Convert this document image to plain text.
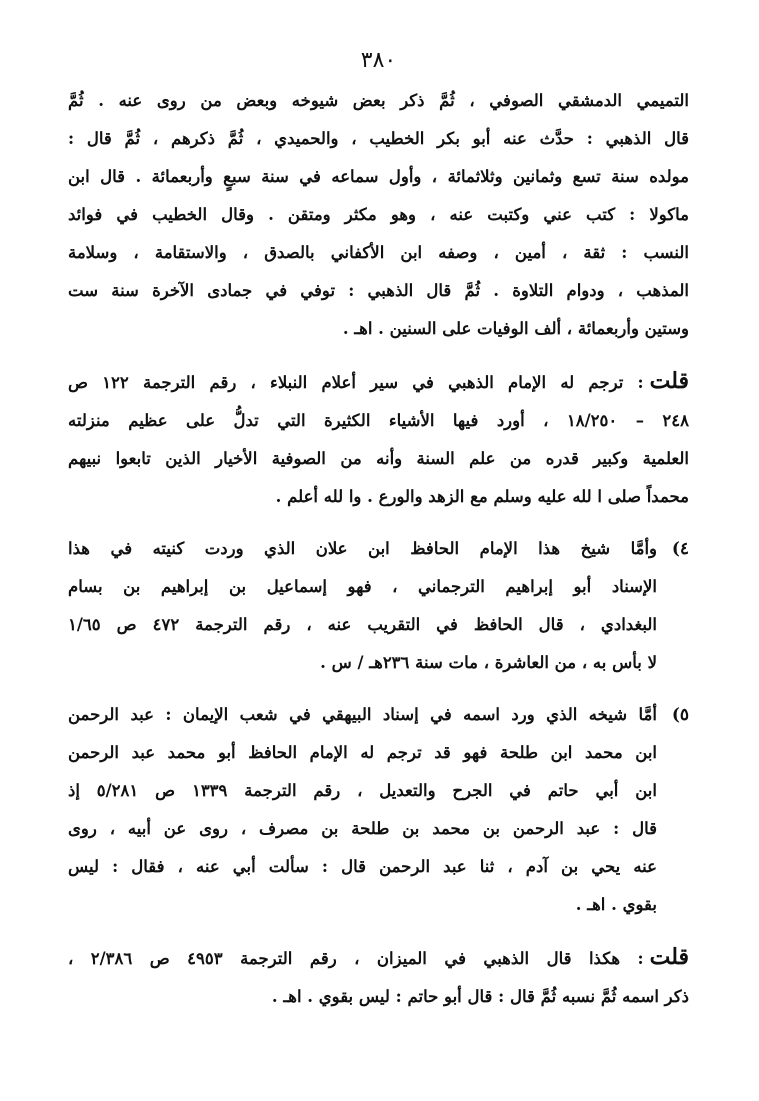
٣٨٠
التميمي الدمشقي الصوفي ، ثُمَّ ذكر بعض شيوخه وبعض من روى عنه . ثُمَّ
قال الذهبي : حدَّث عنه أبو بكر الخطيب ، والحميدي ، ثُمَّ ذكرهم ، ثُمَّ قال :
مولده سنة تسع وثمانين وثلاثمائة ، وأول سماعه في سنة سبعٍ وأربعمائة . قال ابن
ماكولا : كتب عني وكتبت عنه ، وهو مكثر ومتقن . وقال الخطيب في فوائد
النسب : ثقة ، أمين ، وصفه ابن الأكفاني بالصدق ، والاستقامة ، وسلامة
المذهب ، ودوام التلاوة . ثُمَّ قال الذهبي : توفي في جمادى الآخرة سنة ست
وستين وأربعمائة ، ألف الوفيات على السنين . اهـ .
قلت: ترجم له الإمام الذهبي في سير أعلام النبلاء ، رقم الترجمة ١٢٢ ص
٢٤٨ – ١٨/٢٥٠ ، أورد فيها الأشياء الكثيرة التي تدلُّ على عظيم منزلته
العلمية وكبير قدره من علم السنة وأنه من الصوفية الأخيار الذين تابعوا نبيهم
محمداً صلى ا لله عليه وسلم مع الزهد والورع . وا لله أعلم .
٤)
وأمَّا شيخ هذا الإمام الحافظ ابن علان الذي وردت كنيته في هذا
الإسناد أبو إبراهيم الترجماني ، فهو إسماعيل بن إبراهيم بن بسام
البغدادي ، قال الحافظ في التقريب عنه ، رقم الترجمة ٤٧٢ ص ١/٦٥
لا بأس به ، من العاشرة ، مات سنة ٢٣٦هـ / س .
٥)
أمَّا شيخه الذي ورد اسمه في إسناد البيهقي في شعب الإيمان : عبد الرحمن
ابن محمد ابن طلحة فهو قد ترجم له الإمام الحافظ أبو محمد عبد الرحمن
ابن أبي حاتم في الجرح والتعديل ، رقم الترجمة ١٣٣٩ ص ٥/٢٨١ إذ
قال : عبد الرحمن بن محمد بن طلحة بن مصرف ، روى عن أبيه ، روى
عنه يحي بن آدم ، ثنا عبد الرحمن قال : سألت أبي عنه ، فقال : ليس
بقوي . اهـ .
قلت: هكذا قال الذهبي في الميزان ، رقم الترجمة ٤٩٥٣ ص ٢/٣٨٦ ،
ذكر اسمه ثُمَّ نسبه ثُمَّ قال : قال أبو حاتم : ليس بقوي . اهـ .
